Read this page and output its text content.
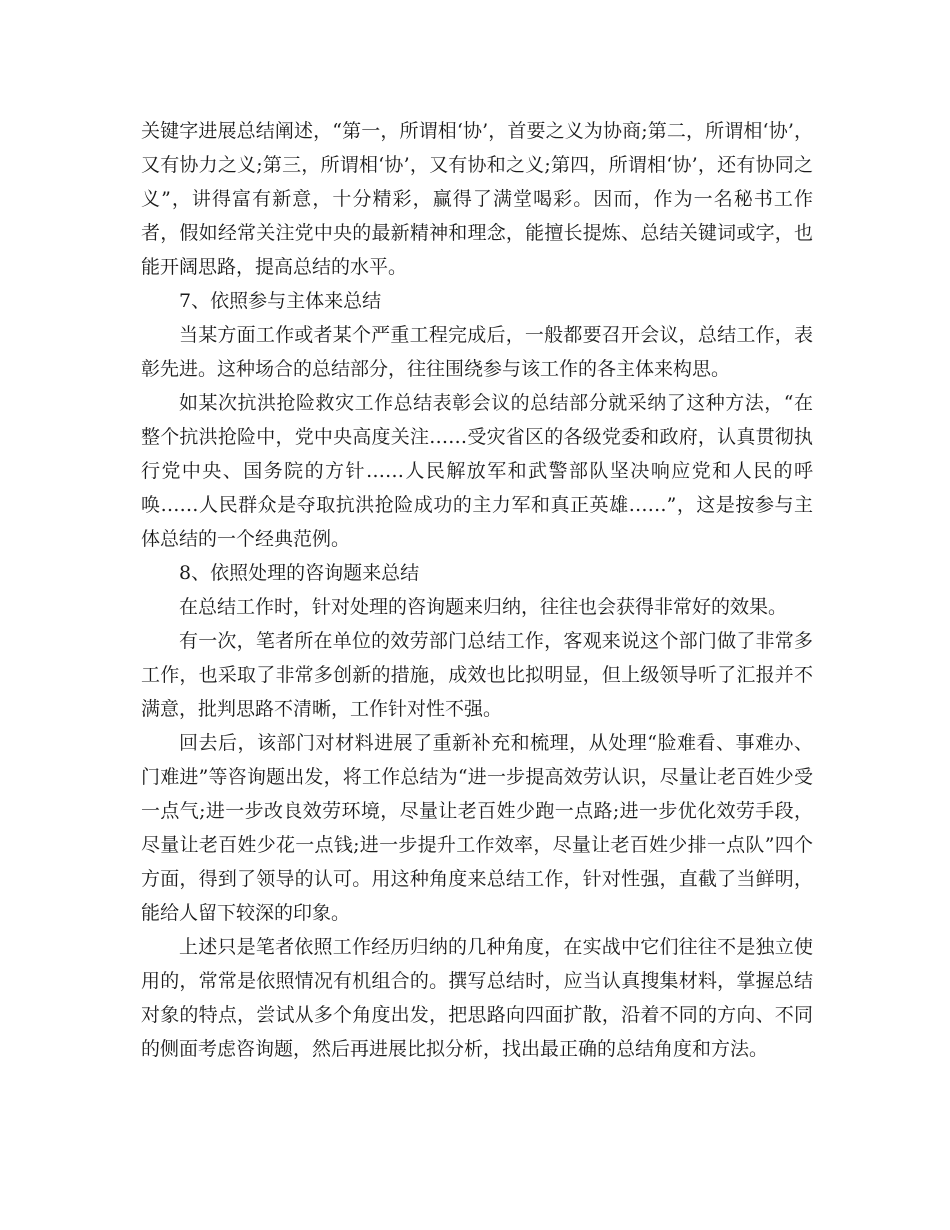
关键字进展总结阐述，“第一，所谓相‘协’，首要之义为协商;第二，所谓相‘协’，又有协力之义;第三，所谓相‘协’，又有协和之义;第四，所谓相‘协’，还有协同之义”，讲得富有新意，十分精彩，赢得了满堂喝彩。因而，作为一名秘书工作者，假如经常关注党中央的最新精神和理念，能擅长提炼、总结关键词或字，也能开阔思路，提高总结的水平。

7、依照参与主体来总结

当某方面工作或者某个严重工程完成后，一般都要召开会议，总结工作，表彰先进。这种场合的总结部分，往往围绕参与该工作的各主体来构思。

如某次抗洪抢险救灾工作总结表彰会议的总结部分就采纳了这种方法，“在整个抗洪抢险中，党中央高度关注……受灾省区的各级党委和政府，认真贯彻执行党中央、国务院的方针……人民解放军和武警部队坚决响应党和人民的呼唤……人民群众是夺取抗洪抢险成功的主力军和真正英雄……”，这是按参与主体总结的一个经典范例。

8、依照处理的咨询题来总结

在总结工作时，针对处理的咨询题来归纳，往往也会获得非常好的效果。

有一次，笔者所在单位的效劳部门总结工作，客观来说这个部门做了非常多工作，也采取了非常多创新的措施，成效也比拟明显，但上级领导听了汇报并不满意，批判思路不清晰，工作针对性不强。

回去后，该部门对材料进展了重新补充和梳理，从处理“脸难看、事难办、门难进”等咨询题出发，将工作总结为“进一步提高效劳认识，尽量让老百姓少受一点气;进一步改良效劳环境，尽量让老百姓少跑一点路;进一步优化效劳手段，尽量让老百姓少花一点钱;进一步提升工作效率，尽量让老百姓少排一点队”四个方面，得到了领导的认可。用这种角度来总结工作，针对性强，直截了当鲜明，能给人留下较深的印象。

上述只是笔者依照工作经历归纳的几种角度，在实战中它们往往不是独立使用的，常常是依照情况有机组合的。撰写总结时，应当认真搜集材料，掌握总结对象的特点，尝试从多个角度出发，把思路向四面扩散，沿着不同的方向、不同的侧面考虑咨询题，然后再进展比拟分析，找出最正确的总结角度和方法。
